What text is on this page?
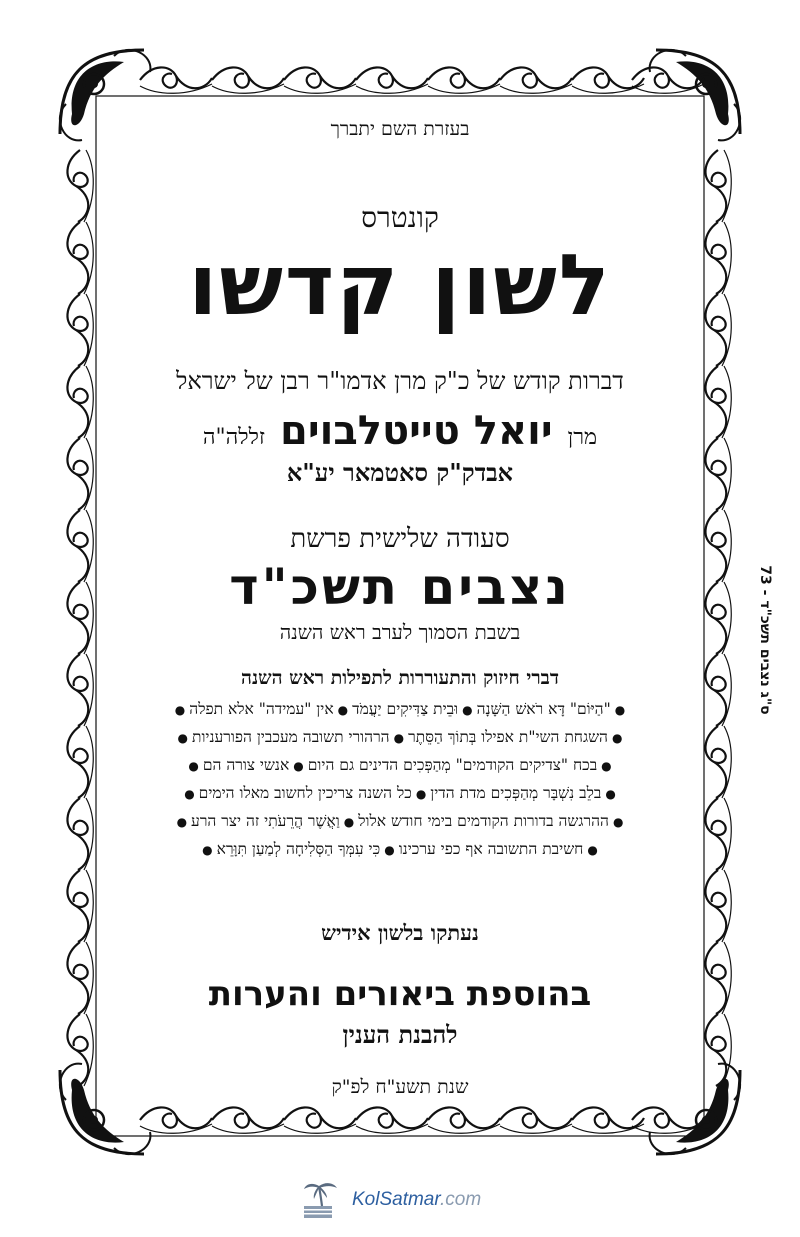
בעזרת השם יתברך
קונטרס
לשון קדשו
דברות קודש של כ"ק מרן אדמו"ר רבן של ישראל
מרן יואל טייטלבוים זללה"ה
אבדק"ק סאטמאר יע"א
סעודה שלישית פרשת
נצבים תשכ"ד
בשבת הסמוך לערב ראש השנה
דברי חיזוק והתעוררות לתפילות ראש השנה
●"הַיּוֹם" דָּא רֹאשׁ הַשָּׁנָה●וּבֵית צַדִּיקִים יַעֲמֹד●אין "עמידה" אלא תפלה●
●השגחת השי"ת אפילו בְּתוֹךְ הַסֵּתֶר●הרהורי תשובה מעכבין הפורעניות●
●בכח "צדיקים הקודמים" מְהַפְּכִים הדינים גם היום●אנשי צורה הם●
●בלֵב נִשְׁבָּר מְהַפְּכִים מדת הדין●כל השנה צריכין לחשוב מאלו הימים●
●ההרגשה בדורות הקודמים בימי חודש אלול●וַאֲשֶׁר הֲרֵעֹתִי זה יצר הרע●
●חשיבת התשובה אף כפי ערכינו●כִּי עִמְּךָ הַסְּלִיחָה לְמַעַן תִּוָּרֵא●
נעתקו בלשון אידיש
בהוספת ביאורים והערות
להבנת הענין
שנת תשע"ח לפ"ק
ס"ג נצבים תשכ"ד - 73
KolSatmar.com
